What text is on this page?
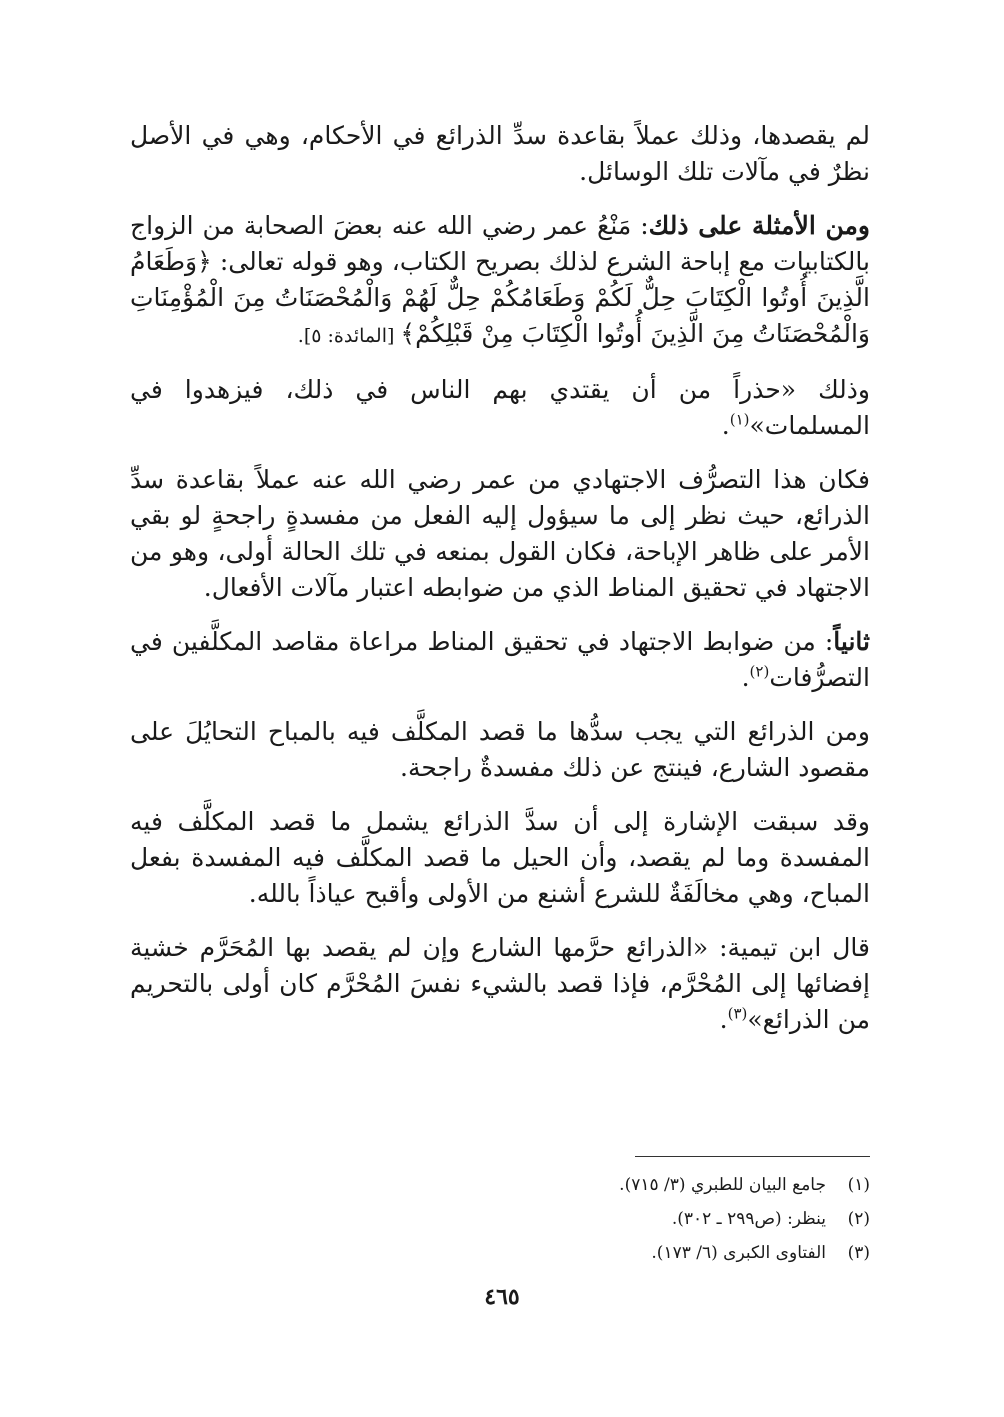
لم يقصدها، وذلك عملاً بقاعدة سدِّ الذرائع في الأحكام، وهي في الأصل نظرٌ في مآلات تلك الوسائل.

ومن الأمثلة على ذلك: مَنْعُ عمر رضي الله عنه بعضَ الصحابة من الزواج بالكتابيات مع إباحة الشرع لذلك بصريح الكتاب، وهو قوله تعالى: ﴿وَطَعَامُ الَّذِينَ أُوتُوا الْكِتَابَ حِلٌّ لَكُمْ وَطَعَامُكُمْ حِلٌّ لَهُمْ وَالْمُحْصَنَاتُ مِنَ الْمُؤْمِنَاتِ وَالْمُحْصَنَاتُ مِنَ الَّذِينَ أُوتُوا الْكِتَابَ مِنْ قَبْلِكُمْ﴾ [المائدة: ٥].

وذلك «حذراً من أن يقتدي بهم الناس في ذلك، فيزهدوا في المسلمات»$^{(١)}$.

فكان هذا التصرُّف الاجتهادي من عمر رضي الله عنه عملاً بقاعدة سدِّ الذرائع، حيث نظر إلى ما سيؤول إليه الفعل من مفسدةٍ راجحةٍ لو بقي الأمر على ظاهر الإباحة، فكان القول بمنعه في تلك الحالة أولى، وهو من الاجتهاد في تحقيق المناط الذي من ضوابطه اعتبار مآلات الأفعال.

ثانياً: من ضوابط الاجتهاد في تحقيق المناط مراعاة مقاصد المكلَّفين في التصرُّفات$^{(٢)}$.

ومن الذرائع التي يجب سدُّها ما قصد المكلَّف فيه بالمباح التحايُلَ على مقصود الشارع، فينتج عن ذلك مفسدةٌ راجحة.

وقد سبقت الإشارة إلى أن سدَّ الذرائع يشمل ما قصد المكلَّف فيه المفسدة وما لم يقصد، وأن الحيل ما قصد المكلَّف فيه المفسدة بفعل المباح، وهي مخالَفَةٌ للشرع أشنع من الأولى وأقبح عياذاً بالله.

قال ابن تيمية: «الذرائع حرَّمها الشارع وإن لم يقصد بها المُحَرَّم خشية إفضائها إلى المُحْرَّم، فإذا قصد بالشيء نفسَ المُحْرَّم كان أولى بالتحريم من الذرائع»$^{(٣)}$.

(١)
جامع البيان للطبري (٣/ ٧١٥).
(٢)
ينظر: (ص٢٩٩ ـ ٣٠٢).
(٣)
الفتاوى الكبرى (٦/ ١٧٣).
٤٦٥
